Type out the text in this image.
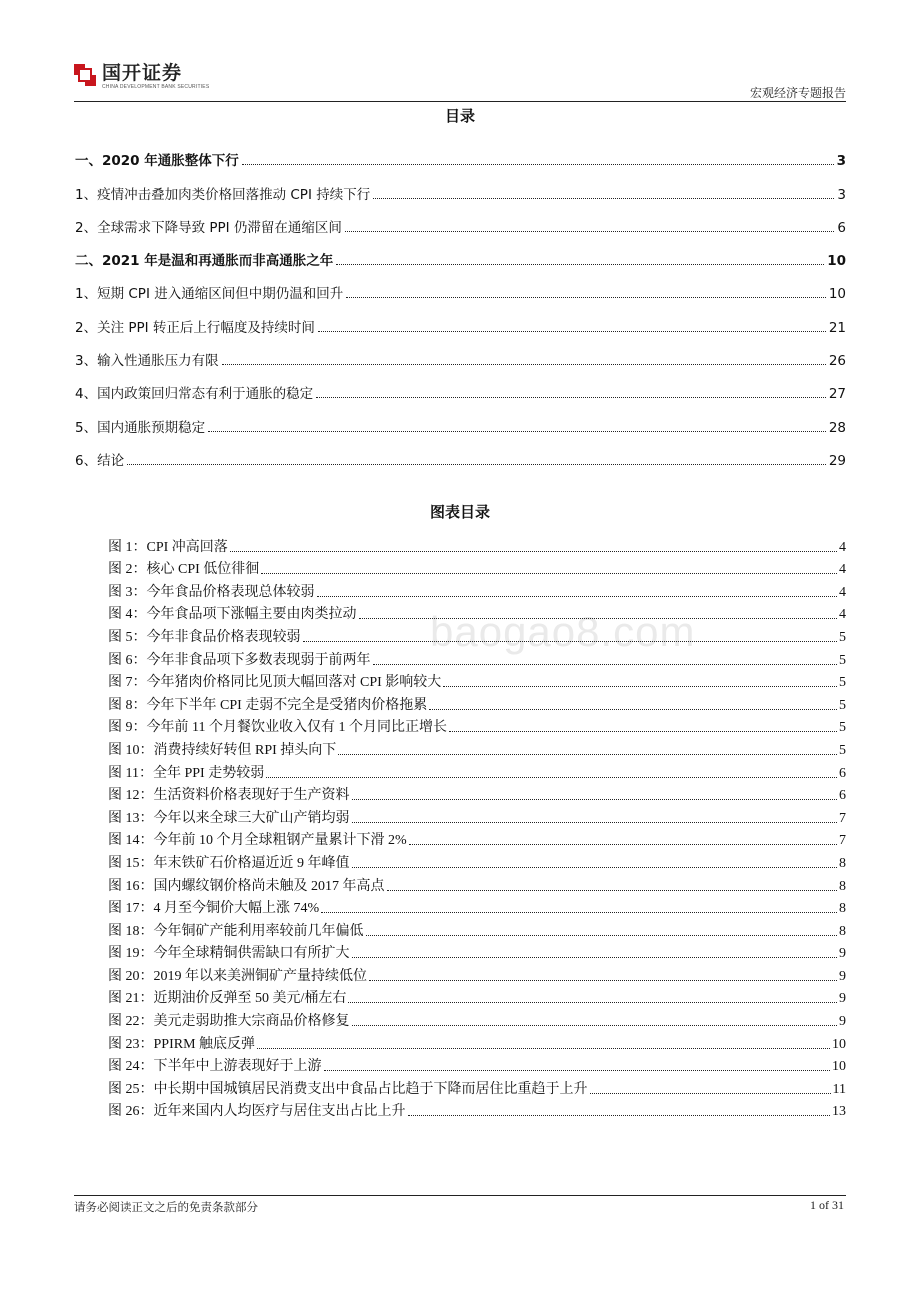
国开证券
CHINA DEVELOPMENT BANK SECURITIES	宏观经济专题报告
目录
一、2020 年通胀整体下行	3
1、疫情冲击叠加肉类价格回落推动 CPI 持续下行	3
2、全球需求下降导致 PPI 仍滞留在通缩区间	6
二、2021 年是温和再通胀而非高通胀之年	10
1、短期 CPI 进入通缩区间但中期仍温和回升	10
2、关注 PPI 转正后上行幅度及持续时间	21
3、输入性通胀压力有限	26
4、国内政策回归常态有利于通胀的稳定	27
5、国内通胀预期稳定	28
6、结论	29
baogao8.com
图表目录
图 1：CPI 冲高回落	4
图 2：核心 CPI 低位徘徊	4
图 3：今年食品价格表现总体较弱	4
图 4：今年食品项下涨幅主要由肉类拉动	4
图 5：今年非食品价格表现较弱	5
图 6：今年非食品项下多数表现弱于前两年	5
图 7：今年猪肉价格同比见顶大幅回落对 CPI 影响较大	5
图 8：今年下半年 CPI 走弱不完全是受猪肉价格拖累	5
图 9：今年前 11 个月餐饮业收入仅有 1 个月同比正增长	5
图 10：消费持续好转但 RPI 掉头向下	5
图 11：全年 PPI 走势较弱	6
图 12：生活资料价格表现好于生产资料	6
图 13：今年以来全球三大矿山产销均弱	7
图 14：今年前 10 个月全球粗钢产量累计下滑 2%	7
图 15：年末铁矿石价格逼近近 9 年峰值	8
图 16：国内螺纹钢价格尚未触及 2017 年高点	8
图 17：4 月至今铜价大幅上涨 74%	8
图 18：今年铜矿产能利用率较前几年偏低	8
图 19：今年全球精铜供需缺口有所扩大	9
图 20：2019 年以来美洲铜矿产量持续低位	9
图 21：近期油价反弹至 50 美元/桶左右	9
图 22：美元走弱助推大宗商品价格修复	9
图 23：PPIRM 触底反弹	10
图 24：下半年中上游表现好于上游	10
图 25：中长期中国城镇居民消费支出中食品占比趋于下降而居住比重趋于上升	11
图 26：近年来国内人均医疗与居住支出占比上升	13
请务必阅读正文之后的免责条款部分	1 of 31
